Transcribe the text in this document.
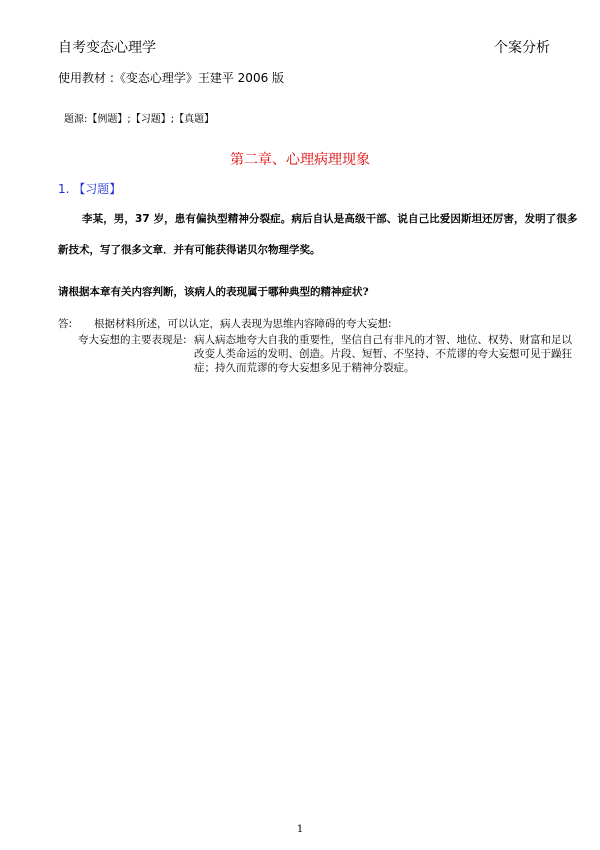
自考变态心理学	个案分析
使用教材 :《变态心理学》王建平 2006 版
题源:【例题】;【习题】;【真题】
第二章、心理病理现象
1. 【习题】
李某，男，37 岁，患有偏执型精神分裂症。病后自认是高级干部、说自己比爱因斯坦还厉害，发明了很多
新技术，写了很多文章．并有可能获得诺贝尔物理学奖。
请根据本章有关内容判断，该病人的表现属于哪种典型的精神症状?
答: 根据材料所述，可以认定，病人表现为思维内容障碍的夸大妄想:
夸大妄想的主要表现是: 病人病态地夸大自我的重要性，坚信自己有非凡的才智、地位、权势、财富和足以
改变人类命运的发明、创造。片段、短暂、不坚持、不荒谬的夸大妄想可见于躁狂
症；持久而荒谬的夸大妄想多见于精神分裂症。
1
